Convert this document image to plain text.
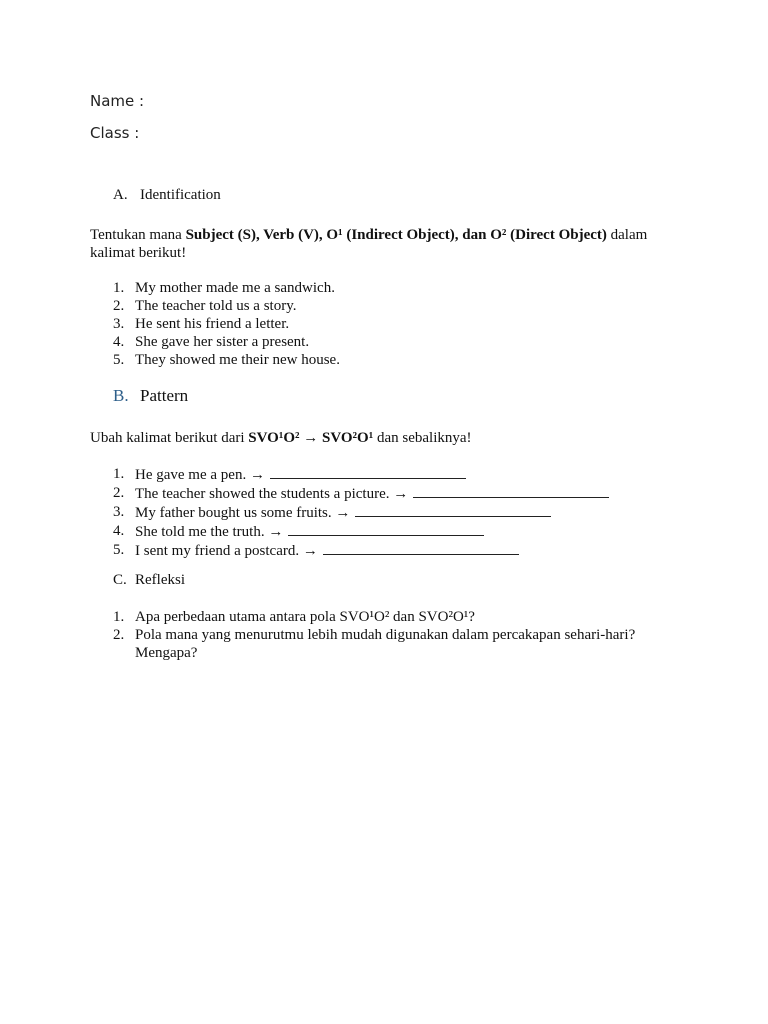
Name :
Class :
A. Identification
Tentukan mana Subject (S), Verb (V), O¹ (Indirect Object), dan O² (Direct Object) dalam kalimat berikut!
1. My mother made me a sandwich.
2. The teacher told us a story.
3. He sent his friend a letter.
4. She gave her sister a present.
5. They showed me their new house.
B. Pattern
Ubah kalimat berikut dari SVO¹O² → SVO²O¹ dan sebaliknya!
1. He gave me a pen. →
2. The teacher showed the students a picture. →
3. My father bought us some fruits. →
4. She told me the truth. →
5. I sent my friend a postcard. →
C. Refleksi
1. Apa perbedaan utama antara pola SVO¹O² dan SVO²O¹?
2. Pola mana yang menurutmu lebih mudah digunakan dalam percakapan sehari-hari? Mengapa?
